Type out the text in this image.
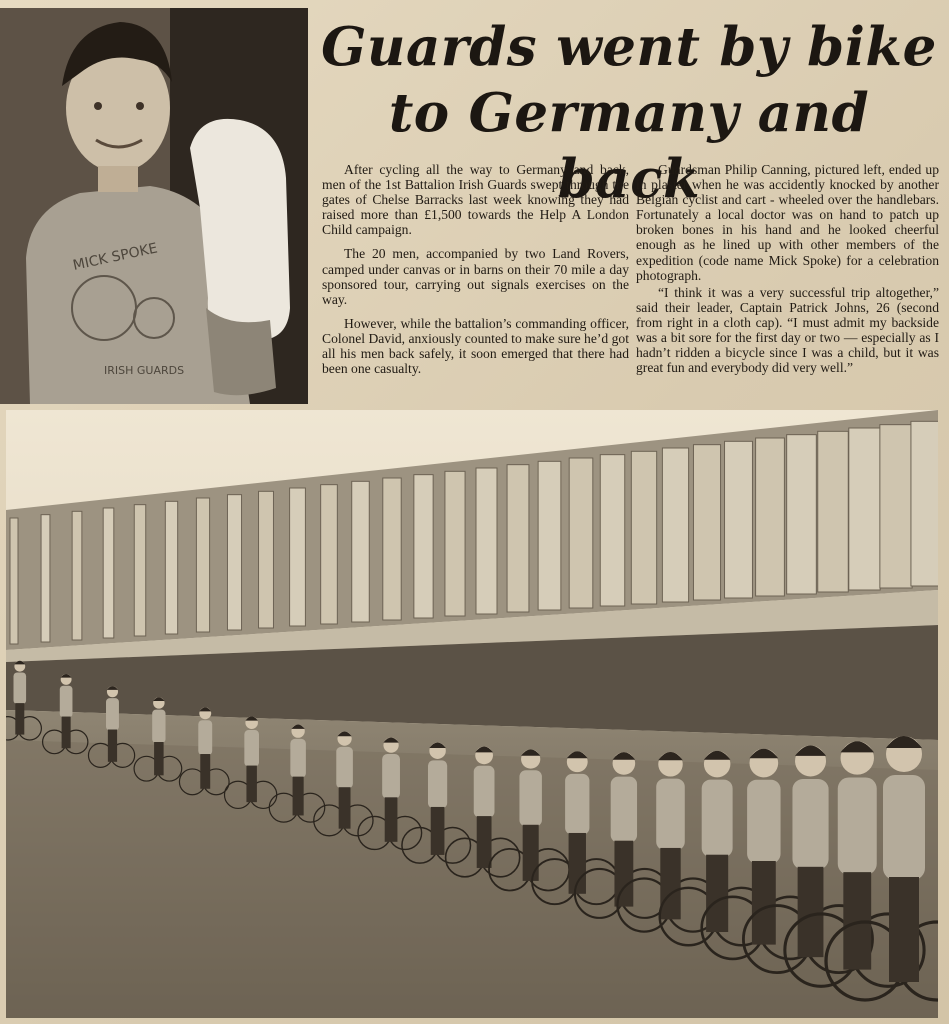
MICK SPOKE
IRISH GUARDS
Guards went by bike to Germany and back

After cycling all the way to Germany and back, men of the 1st Battalion Irish Guards swept through the gates of Chelse Barracks last week knowing they had raised more than £1,500 towards the Help A London Child campaign.

The 20 men, accompanied by two Land Rovers, camped under canvas or in barns on their 70 mile a day sponsored tour, carrying out signals exercises on the way.

However, while the battalion’s commanding officer, Colonel David, anxiously counted to make sure he’d got all his men back safely, it soon emerged that there had been one casualty.

Guardsman Philip Canning, pictured left, ended up in plaster when he was accidently knocked by another Belgian cyclist and cart - wheeled over the handlebars. Fortunately a local doctor was on hand to patch up broken bones in his hand and he looked cheerful enough as he lined up with other members of the expedition (code name Mick Spoke) for a celebration photograph.

“I think it was a very successful trip altogether,” said their leader, Captain Patrick Johns, 26 (second from right in a cloth cap). “I must admit my backside was a bit sore for the first day or two — especially as I hadn’t ridden a bicycle since I was a child, but it was great fun and everybody did very well.”
